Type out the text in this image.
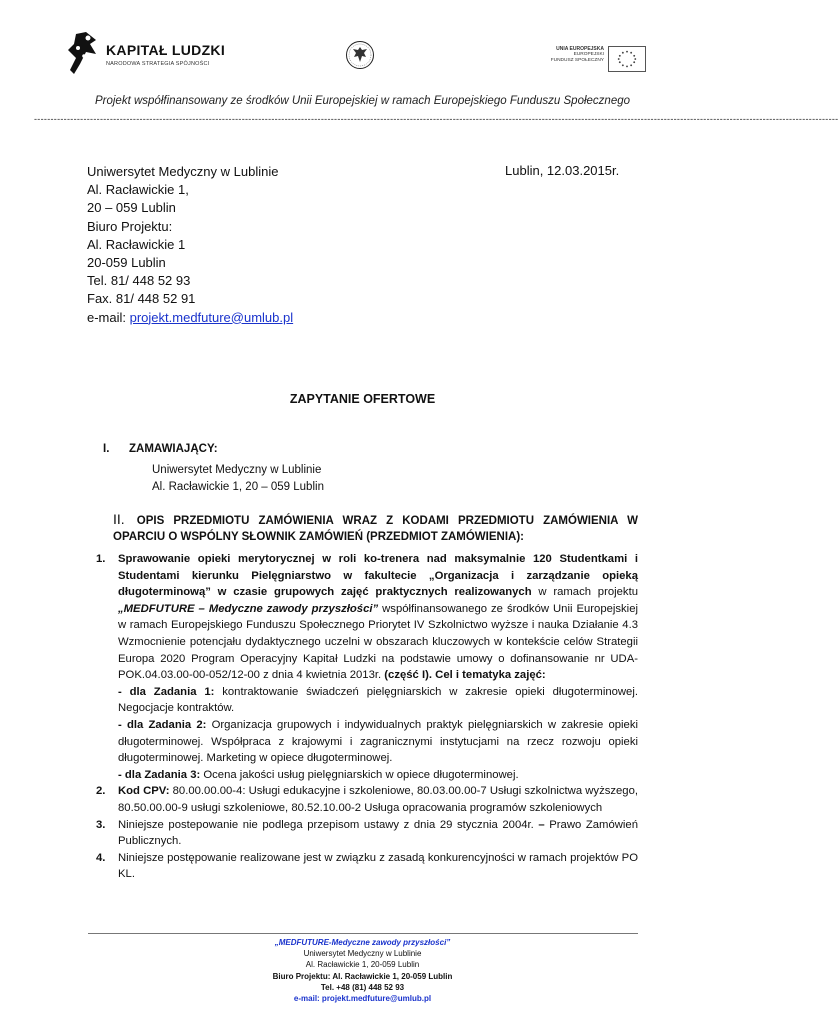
KAPITAŁ LUDZKI
NARODOWA STRATEGIA SPÓJNOŚCI
UNIA EUROPEJSKA
EUROPEJSKI
FUNDUSZ SPOŁECZNY
Projekt współfinansowany ze środków Unii Europejskiej w ramach Europejskiego Funduszu Społecznego
----------------------------------------------------------------------------------------------------------------------------------------------------------------------------------------------------------------------------------------------------
Uniwersytet Medyczny w Lublinie
Al. Racławickie 1,
20 – 059 Lublin
Biuro Projektu:
Al. Racławickie 1
20-059 Lublin
Tel. 81/ 448 52 93
Fax. 81/ 448 52 91
e-mail: projekt.medfuture@umlub.pl
Lublin, 12.03.2015r.
ZAPYTANIE OFERTOWE
I. ZAMAWIAJĄCY:
Uniwersytet Medyczny w Lublinie
Al. Racławickie 1, 20 – 059 Lublin
II. OPIS PRZEDMIOTU ZAMÓWIENIA WRAZ Z KODAMI PRZEDMIOTU ZAMÓWIENIA W OPARCIU O WSPÓLNY SŁOWNIK ZAMÓWIEŃ (PRZEDMIOT ZAMÓWIENIA):
1. Sprawowanie opieki merytorycznej w roli ko-trenera nad maksymalnie 120 Studentkami i Studentami kierunku Pielęgniarstwo w fakultecie „Organizacja i zarządzanie opieką długoterminową” w czasie grupowych zajęć praktycznych realizowanych w ramach projektu „MEDFUTURE – Medyczne zawody przyszłości” współfinansowanego ze środków Unii Europejskiej w ramach Europejskiego Funduszu Społecznego Priorytet IV Szkolnictwo wyższe i nauka Działanie 4.3 Wzmocnienie potencjału dydaktycznego uczelni w obszarach kluczowych w kontekście celów Strategii Europa 2020 Program Operacyjny Kapitał Ludzki na podstawie umowy o dofinansowanie nr UDA-POK.04.03.00-00-052/12-00 z dnia 4 kwietnia 2013r. (część I). Cel i tematyka zajęć:
- dla Zadania 1: kontraktowanie świadczeń pielęgniarskich w zakresie opieki długoterminowej. Negocjacje kontraktów.
- dla Zadania 2: Organizacja grupowych i indywidualnych praktyk pielęgniarskich w zakresie opieki długoterminowej. Współpraca z krajowymi i zagranicznymi instytucjami na rzecz rozwoju opieki długoterminowej. Marketing w opiece długoterminowej.
- dla Zadania 3: Ocena jakości usług pielęgniarskich w opiece długoterminowej.
2. Kod CPV: 80.00.00.00-4: Usługi edukacyjne i szkoleniowe, 80.03.00.00-7 Usługi szkolnictwa wyższego, 80.50.00.00-9 usługi szkoleniowe, 80.52.10.00-2 Usługa opracowania programów szkoleniowych
3. Niniejsze postepowanie nie podlega przepisom ustawy z dnia 29 stycznia 2004r. – Prawo Zamówień Publicznych.
4. Niniejsze postępowanie realizowane jest w związku z zasadą konkurencyjności w ramach projektów PO KL.
„MEDFUTURE-Medyczne zawody przyszłości”
Uniwersytet Medyczny w Lublinie
Al. Racławickie 1, 20-059 Lublin
Biuro Projektu: Al. Racławickie 1, 20-059 Lublin
Tel. +48 (81) 448 52 93
e-mail: projekt.medfuture@umlub.pl
